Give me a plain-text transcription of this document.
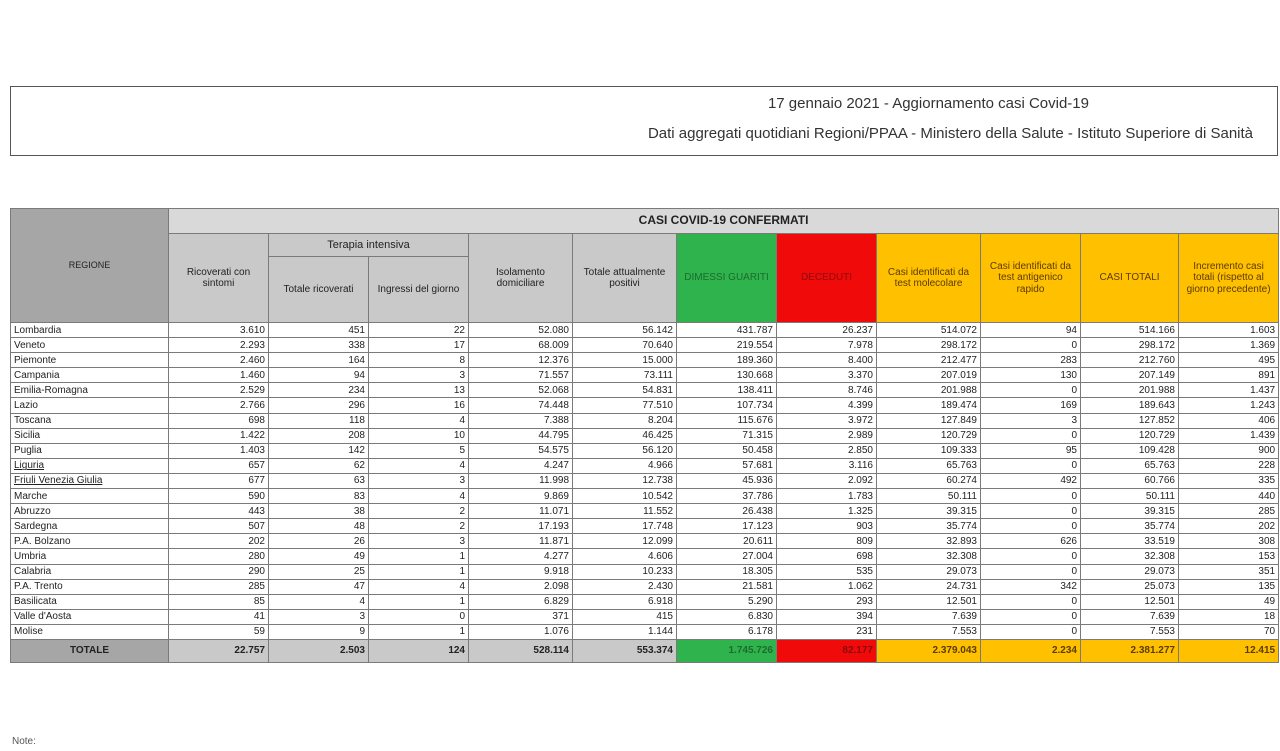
17 gennaio 2021 - Aggiornamento casi Covid-19
Dati aggregati quotidiani Regioni/PPAA - Ministero della Salute - Istituto Superiore di Sanità
REGIONE	CASI COVID-19 CONFERMATI										
	Ricoverati con sintomi	Terapia intensiva		Isolamento domiciliare	Totale attualmente positivi	DIMESSI GUARITI	DECEDUTI	Casi identificati da test molecolare	Casi identificati da test antigenico rapido	CASI TOTALI	Incremento casi totali (rispetto al giorno precedente)
		Totale ricoverati	Ingressi del giorno								
Lombardia	3.610	451	22	52.080	56.142	431.787	26.237	514.072	94	514.166	1.603
Veneto	2.293	338	17	68.009	70.640	219.554	7.978	298.172	0	298.172	1.369
Piemonte	2.460	164	8	12.376	15.000	189.360	8.400	212.477	283	212.760	495
Campania	1.460	94	3	71.557	73.111	130.668	3.370	207.019	130	207.149	891
Emilia-Romagna	2.529	234	13	52.068	54.831	138.411	8.746	201.988	0	201.988	1.437
Lazio	2.766	296	16	74.448	77.510	107.734	4.399	189.474	169	189.643	1.243
Toscana	698	118	4	7.388	8.204	115.676	3.972	127.849	3	127.852	406
Sicilia	1.422	208	10	44.795	46.425	71.315	2.989	120.729	0	120.729	1.439
Puglia	1.403	142	5	54.575	56.120	50.458	2.850	109.333	95	109.428	900
Liguria	657	62	4	4.247	4.966	57.681	3.116	65.763	0	65.763	228
Friuli Venezia Giulia	677	63	3	11.998	12.738	45.936	2.092	60.274	492	60.766	335
Marche	590	83	4	9.869	10.542	37.786	1.783	50.111	0	50.111	440
Abruzzo	443	38	2	11.071	11.552	26.438	1.325	39.315	0	39.315	285
Sardegna	507	48	2	17.193	17.748	17.123	903	35.774	0	35.774	202
P.A. Bolzano	202	26	3	11.871	12.099	20.611	809	32.893	626	33.519	308
Umbria	280	49	1	4.277	4.606	27.004	698	32.308	0	32.308	153
Calabria	290	25	1	9.918	10.233	18.305	535	29.073	0	29.073	351
P.A. Trento	285	47	4	2.098	2.430	21.581	1.062	24.731	342	25.073	135
Basilicata	85	4	1	6.829	6.918	5.290	293	12.501	0	12.501	49
Valle d'Aosta	41	3	0	371	415	6.830	394	7.639	0	7.639	18
Molise	59	9	1	1.076	1.144	6.178	231	7.553	0	7.553	70
TOTALE	22.757	2.503	124	528.114	553.374	1.745.726	82.177	2.379.043	2.234	2.381.277	12.415
Note:
